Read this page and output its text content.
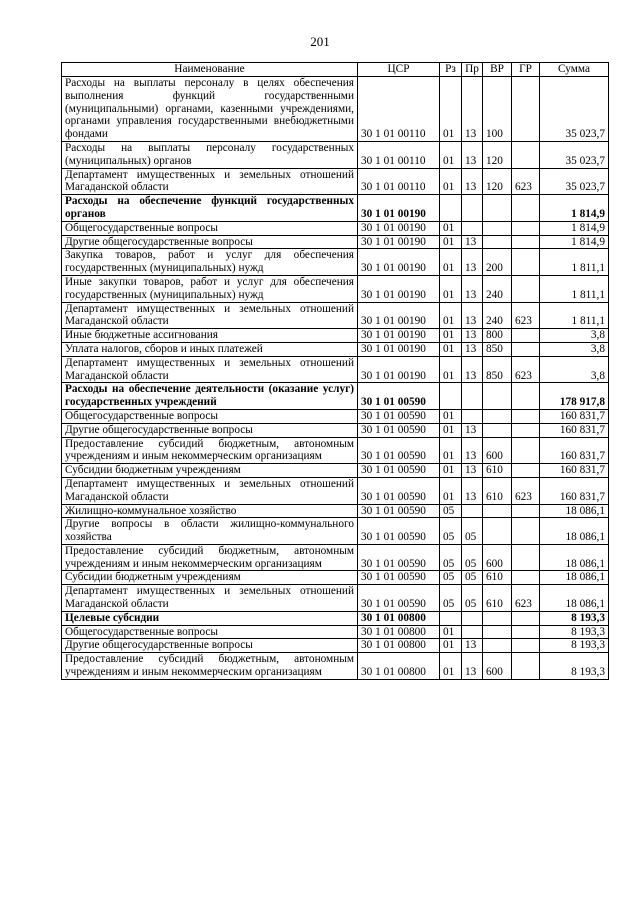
201
Наименование	ЦСР	Рз	Пр	ВР	ГР	Сумма
Расходы на выплаты персоналу в целях обеспечения выполнения функций государственными (муниципальными) органами, казенными учреждениями, органами управления государственными внебюджетными фондами	30 1 01 00110	01	13	100		35 023,7
Расходы на выплаты персоналу государственных (муниципальных) органов	30 1 01 00110	01	13	120		35 023,7
Департамент имущественных и земельных отношений Магаданской области	30 1 01 00110	01	13	120	623	35 023,7
Расходы на обеспечение функций государственных органов	30 1 01 00190					1 814,9
Общегосударственные вопросы	30 1 01 00190	01				1 814,9
Другие общегосударственные вопросы	30 1 01 00190	01	13			1 814,9
Закупка товаров, работ и услуг для обеспечения государственных (муниципальных) нужд	30 1 01 00190	01	13	200		1 811,1
Иные закупки товаров, работ и услуг для обеспечения государственных (муниципальных) нужд	30 1 01 00190	01	13	240		1 811,1
Департамент имущественных и земельных отношений Магаданской области	30 1 01 00190	01	13	240	623	1 811,1
Иные бюджетные ассигнования	30 1 01 00190	01	13	800		3,8
Уплата налогов, сборов и иных платежей	30 1 01 00190	01	13	850		3,8
Департамент имущественных и земельных отношений Магаданской области	30 1 01 00190	01	13	850	623	3,8
Расходы на обеспечение деятельности (оказание услуг) государственных учреждений	30 1 01 00590					178 917,8
Общегосударственные вопросы	30 1 01 00590	01				160 831,7
Другие общегосударственные вопросы	30 1 01 00590	01	13			160 831,7
Предоставление субсидий бюджетным, автономным учреждениям и иным некоммерческим организациям	30 1 01 00590	01	13	600		160 831,7
Субсидии бюджетным учреждениям	30 1 01 00590	01	13	610		160 831,7
Департамент имущественных и земельных отношений Магаданской области	30 1 01 00590	01	13	610	623	160 831,7
Жилищно-коммунальное хозяйство	30 1 01 00590	05				18 086,1
Другие вопросы в области жилищно-коммунального хозяйства	30 1 01 00590	05	05			18 086,1
Предоставление субсидий бюджетным, автономным учреждениям и иным некоммерческим организациям	30 1 01 00590	05	05	600		18 086,1
Субсидии бюджетным учреждениям	30 1 01 00590	05	05	610		18 086,1
Департамент имущественных и земельных отношений Магаданской области	30 1 01 00590	05	05	610	623	18 086,1
Целевые субсидии	30 1 01 00800					8 193,3
Общегосударственные вопросы	30 1 01 00800	01				8 193,3
Другие общегосударственные вопросы	30 1 01 00800	01	13			8 193,3
Предоставление субсидий бюджетным, автономным учреждениям и иным некоммерческим организациям	30 1 01 00800	01	13	600		8 193,3
